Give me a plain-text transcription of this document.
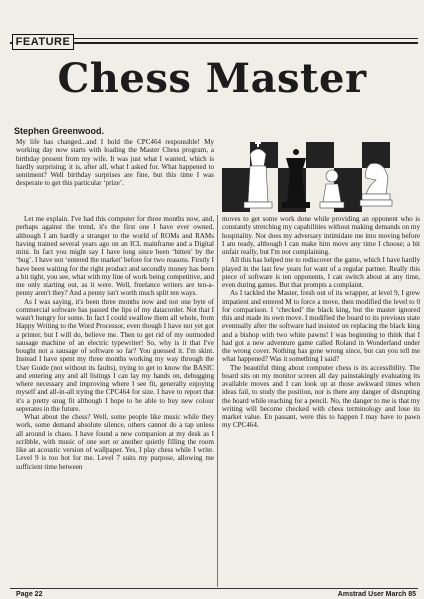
FEATURE
Chess Master
Stephen Greenwood.

My life has changed...and I hold the CPC464 responsible! My working day now starts with loading the Master Chess program, a birthday present from my wife. It was just what I wanted, which is hardly surprising; it is, after all, what I asked for. What happened to sentiment? Well birthday surprises are fine, but this time I was desperate to get this particular ‘prize’.

Let me explain. I've had this computer for three months now, and, perhaps against the trend, it's the first one I have ever owned, although I am hardly a stranger to the world of ROMs and RAMs having trained several years ago on an ICL mainframe and a Digital mini. In fact you might say I have long since been ‘bitten’ by the ‘bug’. I have not ‘entered the market’ before for two reasons. Firstly I have been waiting for the right product and secondly money has been a bit tight, you see, what with my line of work being competitive, and me only starting out, as it were. Well, freelance writers are ten-a-penny aren't they? And a penny isn't worth much split ten ways.

As I was saying, it's been three months now and not one byte of commercial software has passed the lips of my datacorder. Not that I wasn't hungry for some. In fact I could swallow them all whole, from Happy Writing to the Word Processor, even though I have not yet got a printer, but I will do, believe me. Then to get rid of my outmoded sausage machine of an electric typewriter! So, why is it that I've bought not a sausage of software so far? You guessed it. I'm skint. Instead I have spent my three months working my way through the User Guide (not without its faults), trying to get to know the BASIC and entering any and all listings I can lay my hands on, debugging where necessary and improving where I see fit, generally enjoying myself and all-in-all trying the CPC464 for size. I have to report that it's a pretty snug fit although I hope to be able to buy new colour seperates in the future.

What about the chess? Well, some people like music while they work, some demand absolute silence, others cannot do a tap unless all around is chaos. I have found a new companion at my desk as I scribble, with music of one sort or another quietly filling the room like an acoustic version of wallpaper. Yes, I play chess while I write. Level 9 is too hot for me. Level 7 suits my purpose, allowing me sufficient time between

moves to get some work done while providing an opponent who is constantly stretching my capabilities without making demands on my hospitality. Nor does my adversary intimidate me into moving before I am ready, although I can make him move any time I choose; a bit unfair really, but I'm not complaining.

All this has helped me to rediscover the game, which I have hardly played in the last few years for want of a regular partner. Really this piece of software is ten opponents, I can switch about at any time, even during games. But that prompts a complaint.

As I tackled the Master, fresh out of its wrapper, at level 9, I grew impatient and entered M to force a move, then modified the level to 0 for comparison. I ‘checked’ the black king, but the master ignored this and made its own move. I modified the board to its previous state eventually after the software had insisted on replacing the black king and a bishop with two white pawns! I was beginning to think that I had got a new adventure game called Roland in Wonderland under the wrong cover. Nothing has gone wrong since, but can you tell me what happened? Was it something I said?

The beautiful thing about computer chess is its accessibility. The board sits on my monitor screen all day painstakingly evaluating its available moves and I can look up at those awkward times when ideas fail, to study the position, nor is there any danger of disrupting the board while reaching for a pencil. No, the danger to me is that my writing will become checked with chess terminology and lose its market value. En passant, were this to happen I may have to pawn my CPC464.

Page 22	Amstrad User March 85
